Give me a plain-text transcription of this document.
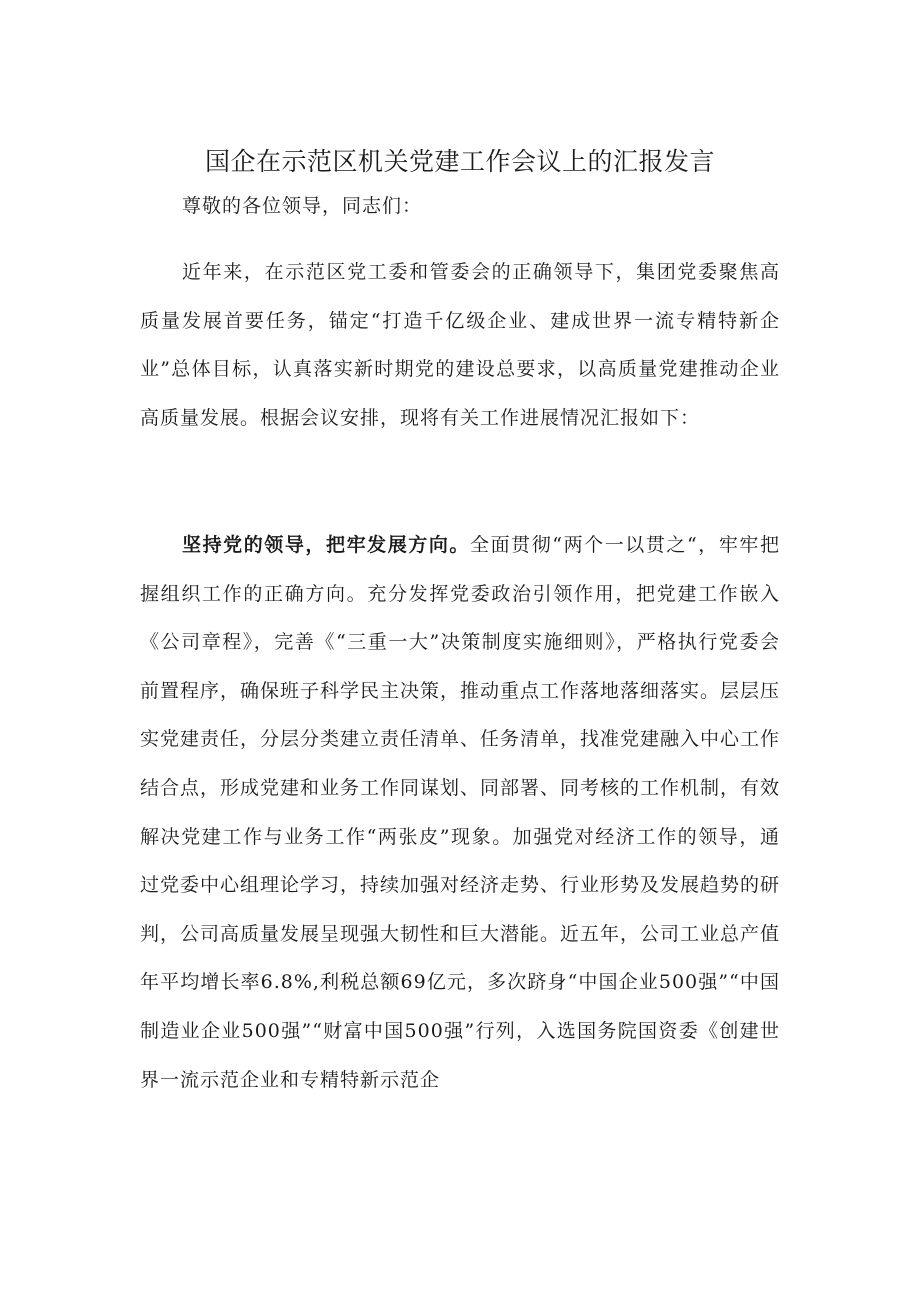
国企在示范区机关党建工作会议上的汇报发言

尊敬的各位领导，同志们：

近年来，在示范区党工委和管委会的正确领导下，集团党委聚焦高质量发展首要任务，锚定“打造千亿级企业、建成世界一流专精特新企业”总体目标，认真落实新时期党的建设总要求，以高质量党建推动企业高质量发展。根据会议安排，现将有关工作进展情况汇报如下：

坚持党的领导，把牢发展方向。全面贯彻“两个一以贯之“，牢牢把握组织工作的正确方向。充分发挥党委政治引领作用，把党建工作嵌入《公司章程》，完善《“三重一大”决策制度实施细则》，严格执行党委会前置程序，确保班子科学民主决策，推动重点工作落地落细落实。层层压实党建责任，分层分类建立责任清单、任务清单，找准党建融入中心工作结合点，形成党建和业务工作同谋划、同部署、同考核的工作机制，有效解决党建工作与业务工作“两张皮”现象。加强党对经济工作的领导，通过党委中心组理论学习，持续加强对经济走势、行业形势及发展趋势的研判，公司高质量发展呈现强大韧性和巨大潜能。近五年，公司工业总产值年平均增长率6.8%,利税总额69亿元，多次跻身“中国企业500强”“中国制造业企业500强”“财富中国500强”行列，入选国务院国资委《创建世界一流示范企业和专精特新示范企
